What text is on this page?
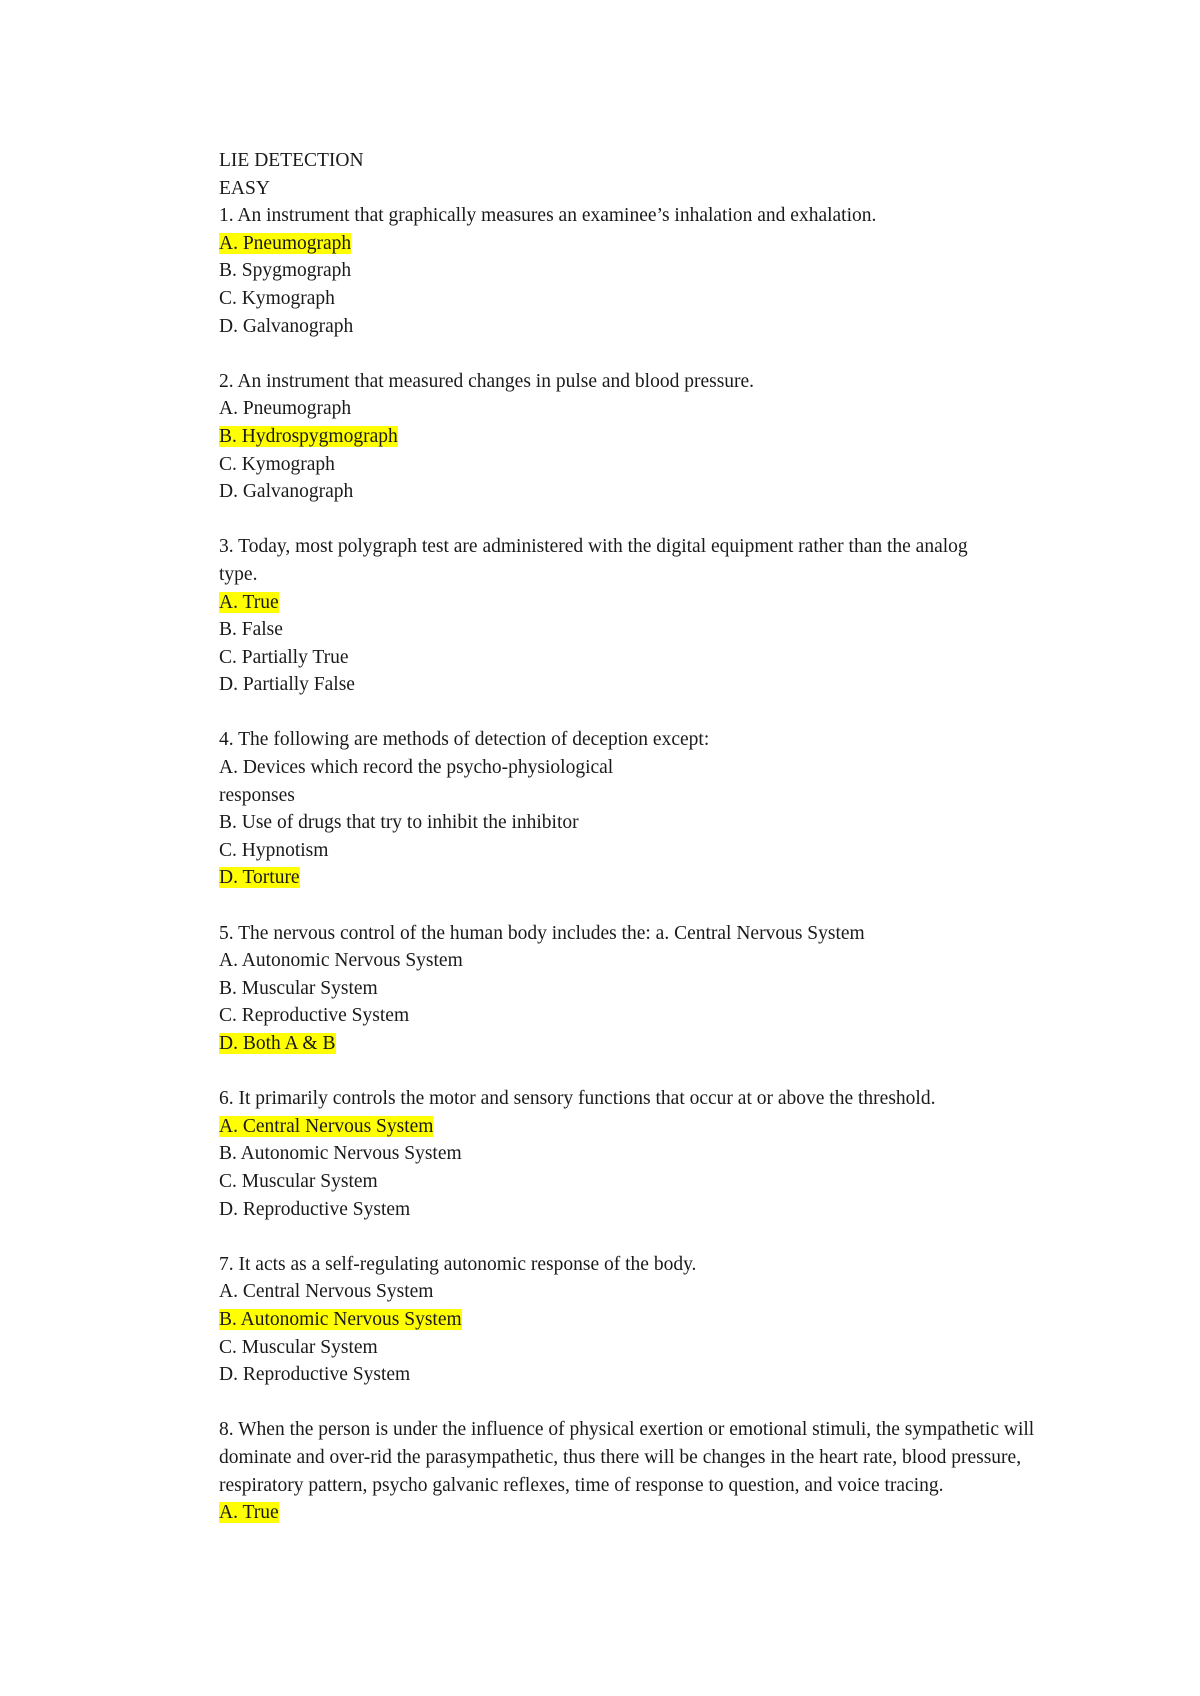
LIE DETECTION
EASY
1. An instrument that graphically measures an examinee’s inhalation and exhalation.
A. Pneumograph
B. Spygmograph
C. Kymograph
D. Galvanograph
2. An instrument that measured changes in pulse and blood pressure.
A. Pneumograph
B. Hydrospygmograph
C. Kymograph
D. Galvanograph
3. Today, most polygraph test are administered with the digital equipment rather than the analog type.
A. True
B. False
C. Partially True
D. Partially False
4. The following are methods of detection of deception except:
A. Devices which record the psycho-physiological responses
B. Use of drugs that try to inhibit the inhibitor
C. Hypnotism
D. Torture
5. The nervous control of the human body includes the: a. Central Nervous System
A. Autonomic Nervous System
B. Muscular System
C. Reproductive System
D. Both A & B
6. It primarily controls the motor and sensory functions that occur at or above the threshold.
A. Central Nervous System
B. Autonomic Nervous System
C. Muscular System
D. Reproductive System
7. It acts as a self-regulating autonomic response of the body.
A. Central Nervous System
B. Autonomic Nervous System
C. Muscular System
D. Reproductive System
8. When the person is under the influence of physical exertion or emotional stimuli, the sympathetic will dominate and over-rid the parasympathetic, thus there will be changes in the heart rate, blood pressure, respiratory pattern, psycho galvanic reflexes, time of response to question, and voice tracing.
A. True
